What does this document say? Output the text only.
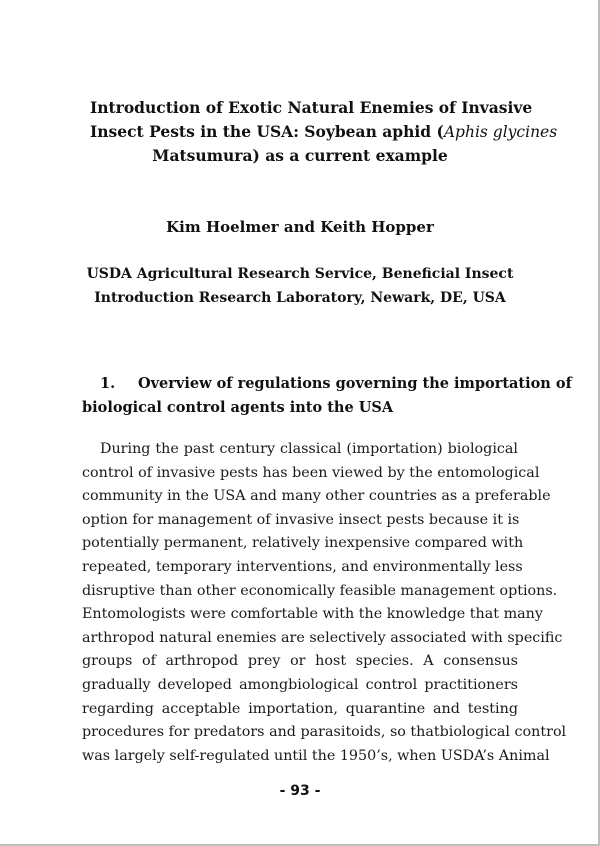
Introduction of Exotic Natural Enemies of Invasive
Insect Pests in the USA: Soybean aphid (Aphis glycines
Matsumura) as a current example
Kim Hoelmer and Keith Hopper
USDA Agricultural Research Service, Beneficial Insect
Introduction Research Laboratory, Newark, DE, USA
1. Overview of regulations governing the importation of
biological control agents into the USA
During the past century classical (importation) biological
control of invasive pests has been viewed by the entomological
community in the USA and many other countries as a preferable
option for management of invasive insect pests because it is
potentially permanent, relatively inexpensive compared with
repeated, temporary interventions, and environmentally less
disruptive than other economically feasible management options.
Entomologists were comfortable with the knowledge that many
arthropod natural enemies are selectively associated with specific
groups of arthropod prey or host species. A consensus
gradually developed amongbiological control practitioners
regarding acceptable importation, quarantine and testing
procedures for predators and parasitoids, so thatbiological control
was largely self-regulated until the 1950’s, when USDA’s Animal
- 93 -
